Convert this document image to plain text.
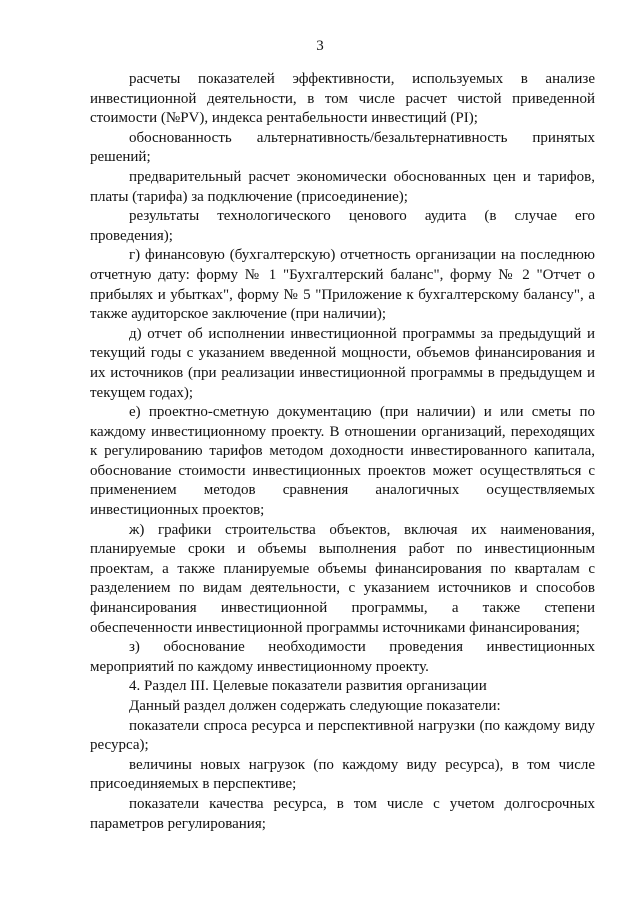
3

расчеты показателей эффективности, используемых в анализе инвестиционной деятельности, в том числе расчет чистой приведенной стоимости (№PV), индекса рентабельности инвестиций (PI);

обоснованность альтернативность/безальтернативность принятых решений;

предварительный расчет экономически обоснованных цен и тарифов, платы (тарифа) за подключение (присоединение);

результаты технологического ценового аудита (в случае его проведения);

г) финансовую (бухгалтерскую) отчетность организации на последнюю отчетную дату: форму № 1 "Бухгалтерский баланс", форму № 2 "Отчет о прибылях и убытках", форму № 5 "Приложение к бухгалтерскому балансу", а также аудиторское заключение (при наличии);

д) отчет об исполнении инвестиционной программы за предыдущий и текущий годы с указанием введенной мощности, объемов финансирования и их источников (при реализации инвестиционной программы в предыдущем и текущем годах);

е) проектно-сметную документацию (при наличии) и или сметы по каждому инвестиционному проекту. В отношении организаций, переходящих к регулированию тарифов методом доходности инвестированного капитала, обоснование стоимости инвестиционных проектов может осуществляться с применением методов сравнения аналогичных осуществляемых инвестиционных проектов;

ж) графики строительства объектов, включая их наименования, планируемые сроки и объемы выполнения работ по инвестиционным проектам, а также планируемые объемы финансирования по кварталам с разделением по видам деятельности, с указанием источников и способов финансирования инвестиционной программы, а также степени обеспеченности инвестиционной программы источниками финансирования;

з) обоснование необходимости проведения инвестиционных мероприятий по каждому инвестиционному проекту.

4. Раздел III. Целевые показатели развития организации

Данный раздел должен содержать следующие показатели:

показатели спроса ресурса и перспективной нагрузки (по каждому виду ресурса);

величины новых нагрузок (по каждому виду ресурса), в том числе присоединяемых в перспективе;

показатели качества ресурса, в том числе с учетом долгосрочных параметров регулирования;
